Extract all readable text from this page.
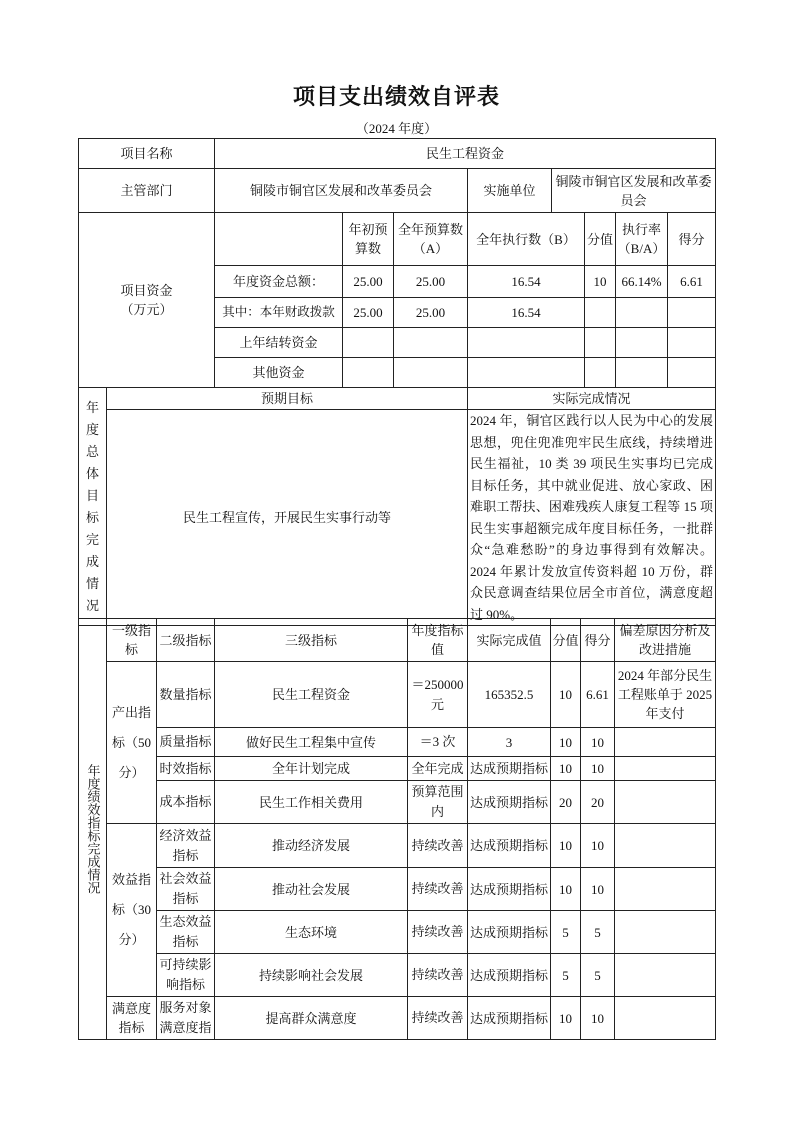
项目支出绩效自评表
（2024 年度）
项目名称	民生工程资金							
主管部门	铜陵市铜官区发展和改革委员会			实施单位	铜陵市铜官区发展和改革委员会			
项目资金（万元）		年初预算数	全年预算数（A）	全年执行数（B）		分值	执行率（B/A）	得分
	年度资金总额：	25.00	25.00	16.54		10	66.14%	6.61
	其中：本年财政拨款	25.00	25.00	16.54				
	上年结转资金							
	其他资金							
年度总体目标完成情况	预期目标	实际完成情况
	民生工程宣传，开展民生实事行动等	2024 年，铜官区践行以人民为中心的发展思想，兜住兜准兜牢民生底线，持续增进民生福祉，10 类 39 项民生实事均已完成目标任务，其中就业促进、放心家政、困难职工帮扶、困难残疾人康复工程等 15 项民生实事超额完成年度目标任务，一批群众“急难愁盼”的身边事得到有效解决。2024 年累计发放宣传资料超 10 万份，群众民意调查结果位居全市首位，满意度超过 90%。
年度绩效指标完成情况	一级指标	二级指标	三级指标	年度指标值	实际完成值	分值	得分	偏差原因分析及改进措施
	产出指标（50 分）	数量指标	民生工程资金	＝250000元	165352.5	10	6.61	2024 年部分民生工程账单于 2025 年支付
		质量指标	做好民生工程集中宣传	＝3 次	3	10	10	
		时效指标	全年计划完成	全年完成	达成预期指标	10	10	
		成本指标	民生工作相关费用	预算范围内	达成预期指标	20	20	
	效益指标（30 分）	经济效益指标	推动经济发展	持续改善	达成预期指标	10	10	
		社会效益指标	推动社会发展	持续改善	达成预期指标	10	10	
		生态效益指标	生态环境	持续改善	达成预期指标	5	5	
		可持续影响指标	持续影响社会发展	持续改善	达成预期指标	5	5	
	满意度指标	服务对象满意度指	提高群众满意度	持续改善	达成预期指标	10	10	
